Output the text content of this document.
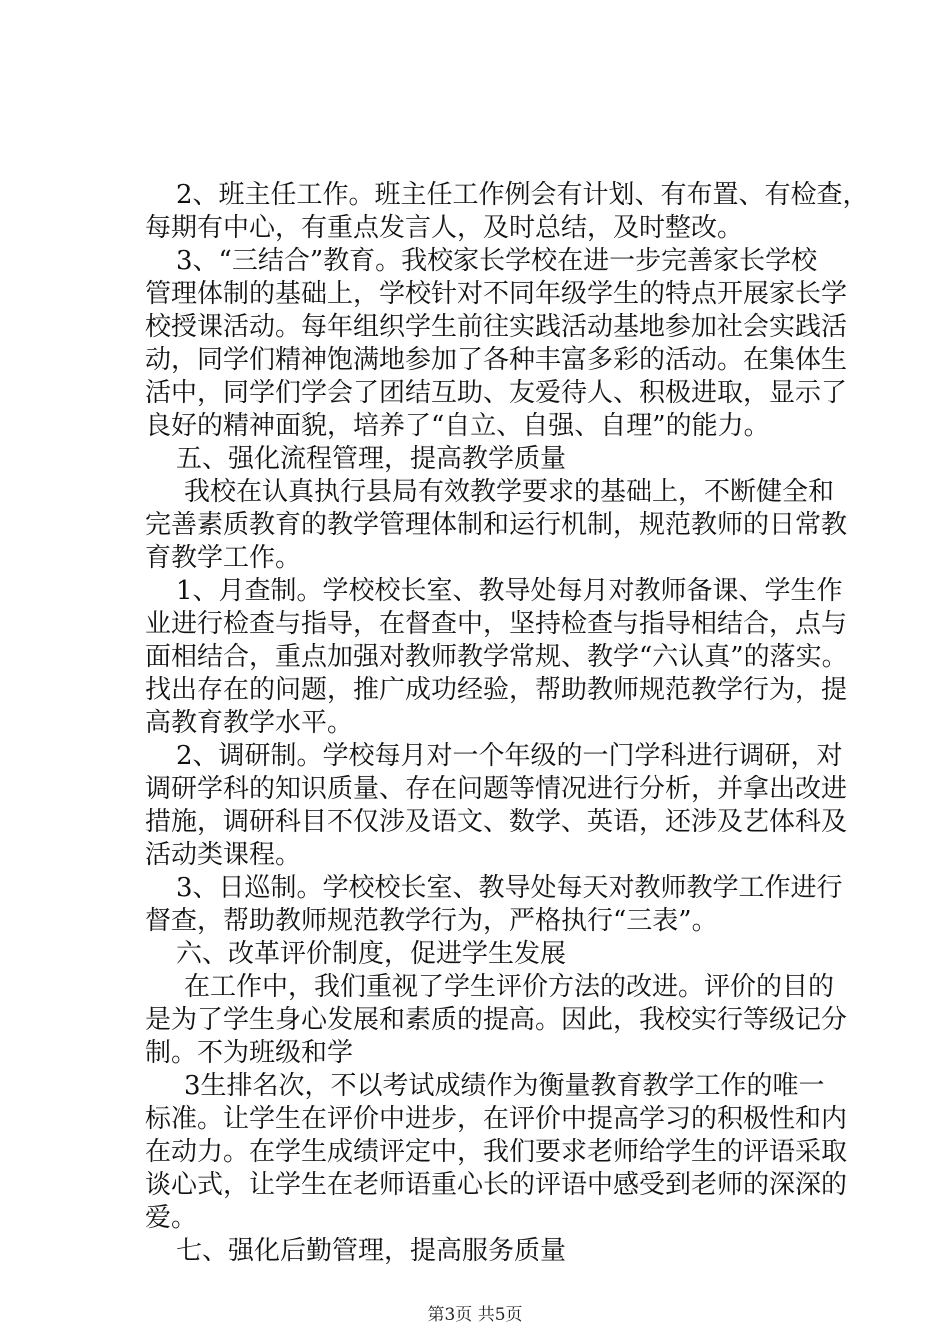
2、班主任工作。班主任工作例会有计划、有布置、有检查，
每期有中心，有重点发言人，及时总结，及时整改。
3、“三结合”教育。我校家长学校在进一步完善家长学校
管理体制的基础上，学校针对不同年级学生的特点开展家长学
校授课活动。每年组织学生前往实践活动基地参加社会实践活
动，同学们精神饱满地参加了各种丰富多彩的活动。在集体生
活中，同学们学会了团结互助、友爱待人、积极进取，显示了
良好的精神面貌，培养了“自立、自强、自理”的能力。
五、强化流程管理，提高教学质量
我校在认真执行县局有效教学要求的基础上，不断健全和
完善素质教育的教学管理体制和运行机制，规范教师的日常教
育教学工作。
1、月查制。学校校长室、教导处每月对教师备课、学生作
业进行检查与指导，在督查中，坚持检查与指导相结合，点与
面相结合，重点加强对教师教学常规、教学“六认真”的落实。
找出存在的问题，推广成功经验，帮助教师规范教学行为，提
高教育教学水平。
2、调研制。学校每月对一个年级的一门学科进行调研，对
调研学科的知识质量、存在问题等情况进行分析，并拿出改进
措施，调研科目不仅涉及语文、数学、英语，还涉及艺体科及
活动类课程。
3、日巡制。学校校长室、教导处每天对教师教学工作进行
督查，帮助教师规范教学行为，严格执行“三表”。
六、改革评价制度，促进学生发展
在工作中，我们重视了学生评价方法的改进。评价的目的
是为了学生身心发展和素质的提高。因此，我校实行等级记分
制。不为班级和学
3生排名次，不以考试成绩作为衡量教育教学工作的唯一
标准。让学生在评价中进步，在评价中提高学习的积极性和内
在动力。在学生成绩评定中，我们要求老师给学生的评语采取
谈心式，让学生在老师语重心长的评语中感受到老师的深深的
爱。
七、强化后勤管理，提高服务质量
第3页 共5页
